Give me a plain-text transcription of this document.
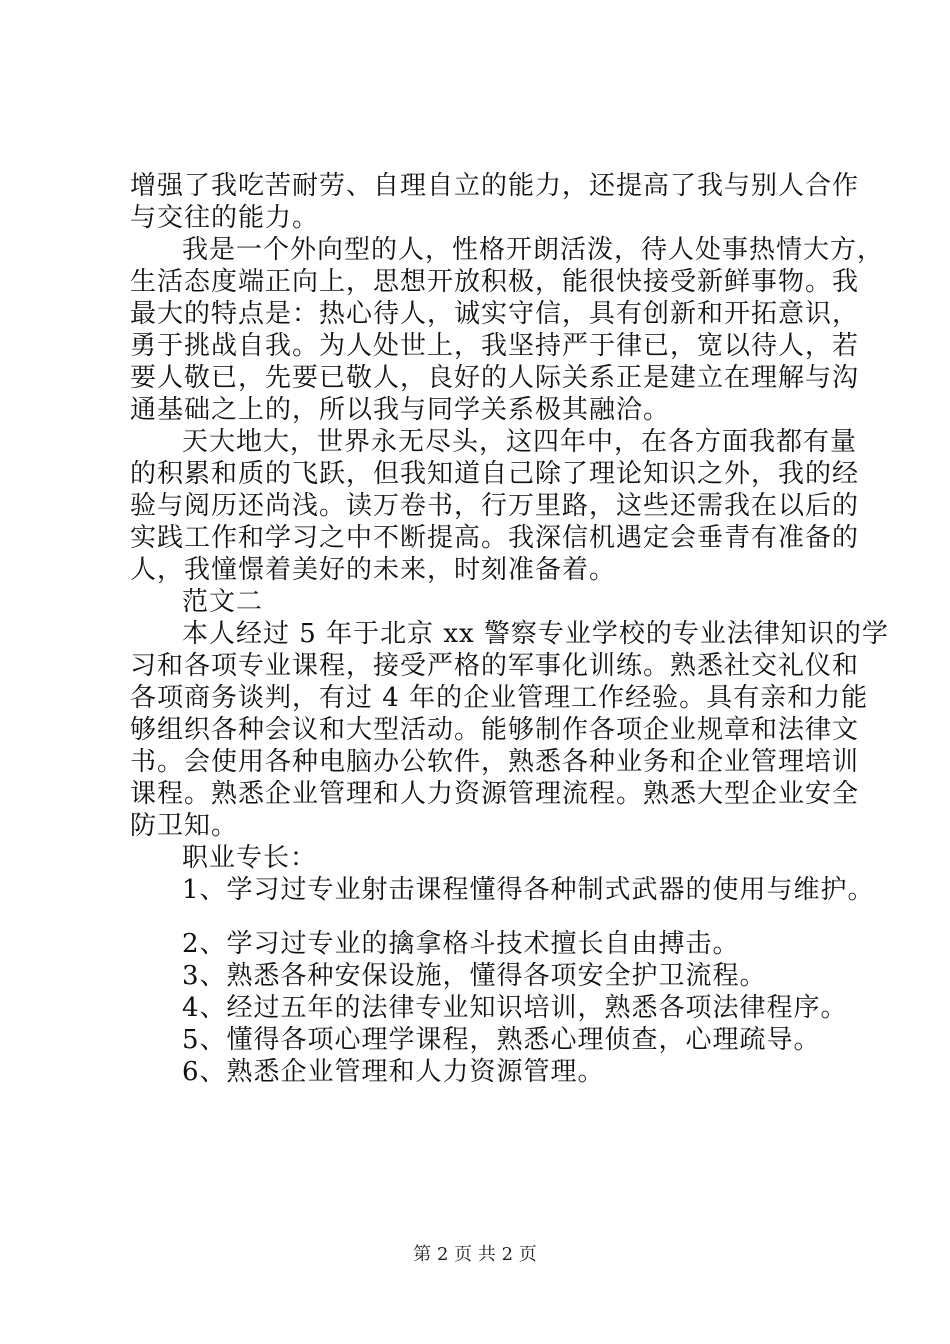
增强了我吃苦耐劳、自理自立的能力，还提高了我与别人合作
与交往的能力。
我是一个外向型的人，性格开朗活泼，待人处事热情大方，
生活态度端正向上，思想开放积极，能很快接受新鲜事物。我
最大的特点是：热心待人，诚实守信，具有创新和开拓意识，
勇于挑战自我。为人处世上，我坚持严于律已，宽以待人，若
要人敬已，先要已敬人，良好的人际关系正是建立在理解与沟
通基础之上的，所以我与同学关系极其融洽。
天大地大，世界永无尽头，这四年中，在各方面我都有量
的积累和质的飞跃，但我知道自己除了理论知识之外，我的经
验与阅历还尚浅。读万卷书，行万里路，这些还需我在以后的
实践工作和学习之中不断提高。我深信机遇定会垂青有准备的
人，我憧憬着美好的未来，时刻准备着。
范文二
本人经过 5 年于北京 xx 警察专业学校的专业法律知识的学
习和各项专业课程，接受严格的军事化训练。熟悉社交礼仪和
各项商务谈判，有过 4 年的企业管理工作经验。具有亲和力能
够组织各种会议和大型活动。能够制作各项企业规章和法律文
书。会使用各种电脑办公软件，熟悉各种业务和企业管理培训
课程。熟悉企业管理和人力资源管理流程。熟悉大型企业安全
防卫知。
职业专长：
1、学习过专业射击课程懂得各种制式武器的使用与维护。
2、学习过专业的擒拿格斗技术擅长自由搏击。
3、熟悉各种安保设施，懂得各项安全护卫流程。
4、经过五年的法律专业知识培训，熟悉各项法律程序。
5、懂得各项心理学课程，熟悉心理侦查，心理疏导。
6、熟悉企业管理和人力资源管理。
第 2 页 共 2 页
